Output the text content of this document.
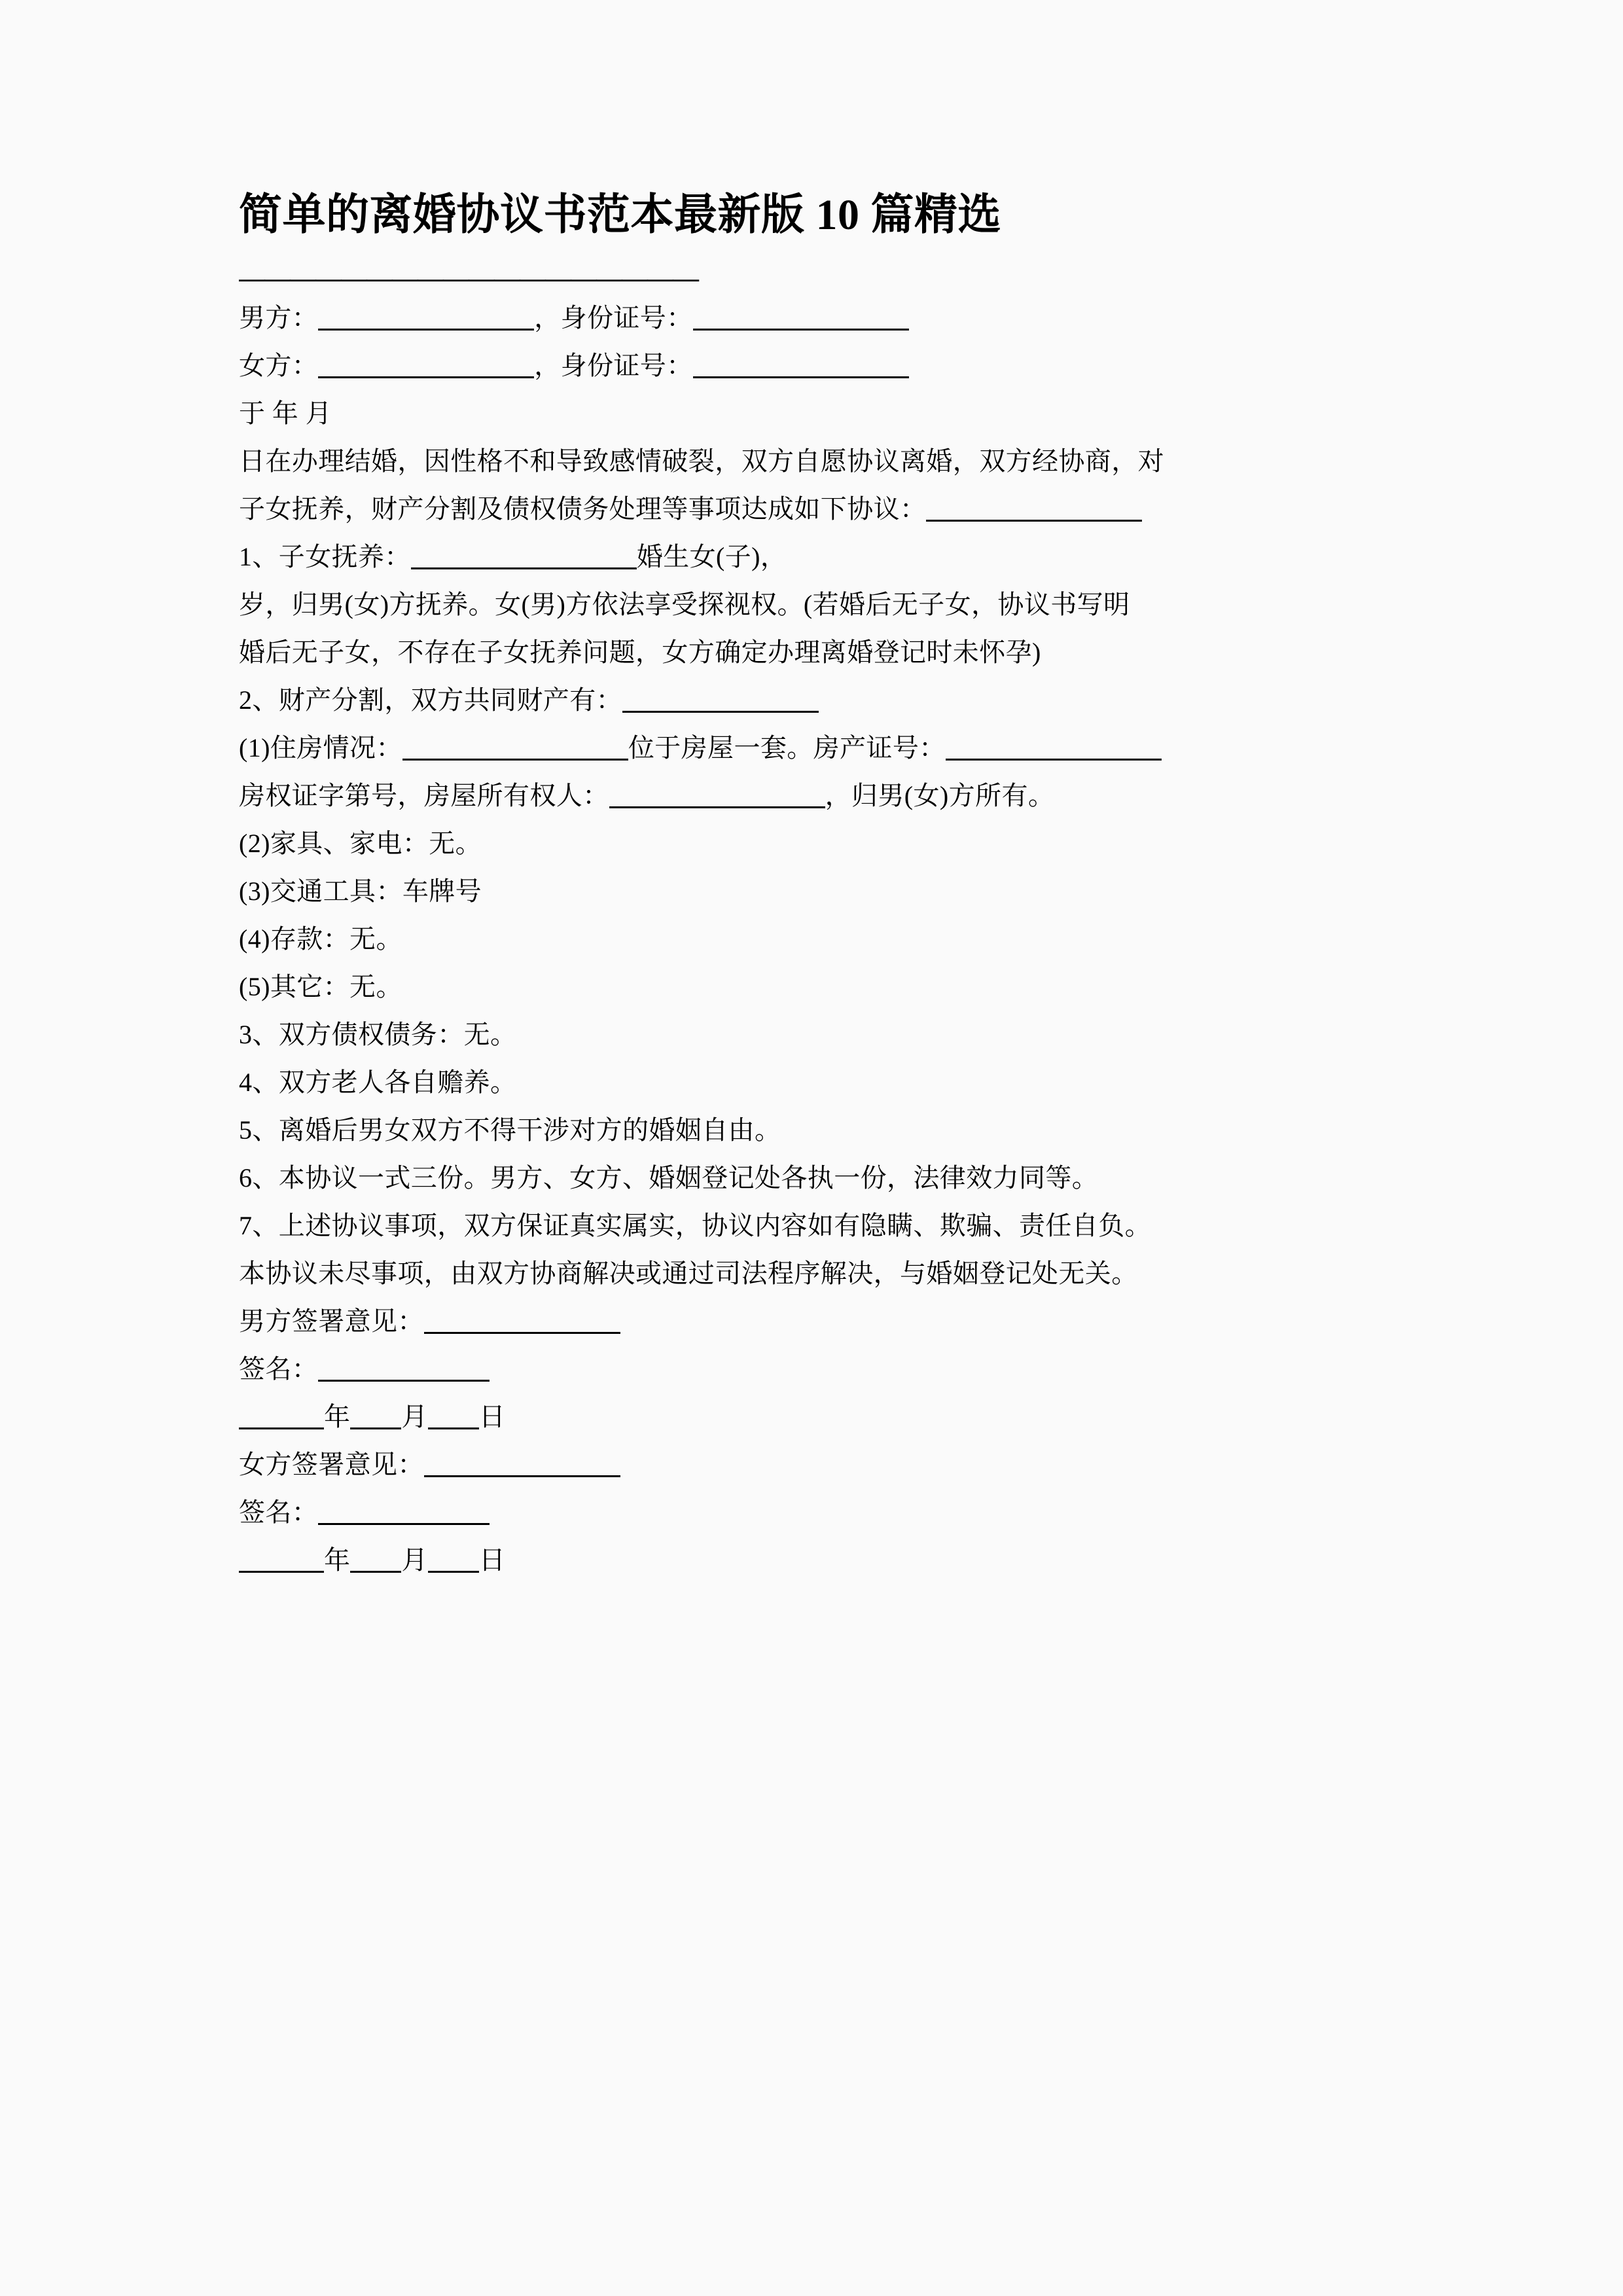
简单的离婚协议书范本最新版 10 篇精选
——————————————————

男方：	，身份证号：

女方：	，身份证号：

于 年 月

日在办理结婚，因性格不和导致感情破裂，双方自愿协议离婚，双方经协商，对

子女抚养，财产分割及债权债务处理等事项达成如下协议：

1、子女抚养：	婚生女(子)，

岁，归男(女)方抚养。女(男)方依法享受探视权。(若婚后无子女，协议书写明

婚后无子女，不存在子女抚养问题，女方确定办理离婚登记时未怀孕)

2、财产分割，双方共同财产有：

(1)住房情况：	位于房屋一套。房产证号：

房权证字第号，房屋所有权人：	，归男(女)方所有。

(2)家具、家电：无。

(3)交通工具：车牌号

(4)存款：无。

(5)其它：无。

3、双方债权债务：无。

4、双方老人各自赡养。

5、离婚后男女双方不得干涉对方的婚姻自由。

6、本协议一式三份。男方、女方、婚姻登记处各执一份，法律效力同等。

7、上述协议事项，双方保证真实属实，协议内容如有隐瞒、欺骗、责任自负。

本协议未尽事项，由双方协商解决或通过司法程序解决，与婚姻登记处无关。

男方签署意见：

签名：

年 月 日

女方签署意见：

签名：

年 月 日
